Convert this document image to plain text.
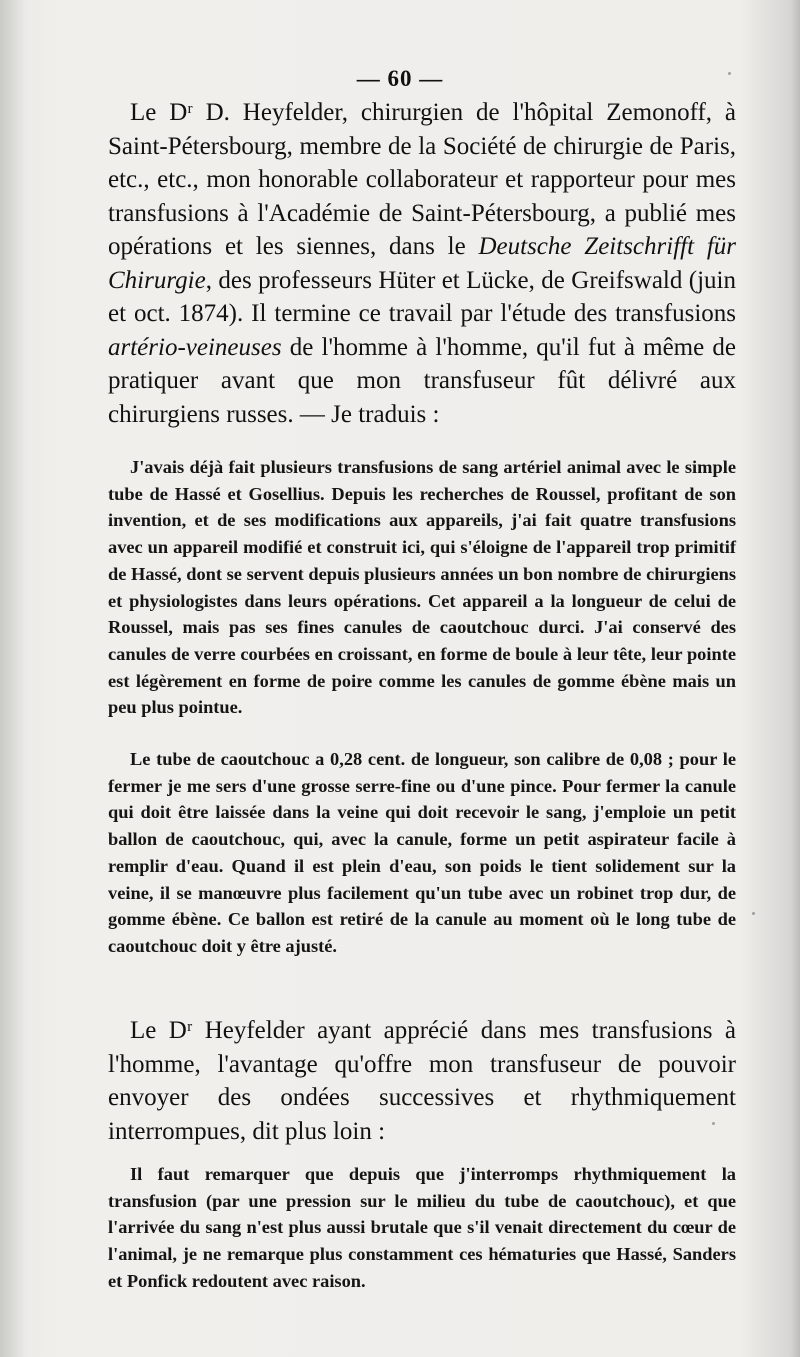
— 60 —

Le Dʳ D. Heyfelder, chirurgien de l'hôpital Zemonoff, à Saint-Pétersbourg, membre de la Société de chirurgie de Paris, etc., etc., mon honorable collaborateur et rapporteur pour mes transfusions à l'Académie de Saint-Pétersbourg, a publié mes opérations et les siennes, dans le Deutsche Zeitschrifft für Chirurgie, des professeurs Hüter et Lücke, de Greifswald (juin et oct. 1874). Il termine ce travail par l'étude des transfusions artério-veineuses de l'homme à l'homme, qu'il fut à même de pratiquer avant que mon transfuseur fût délivré aux chirurgiens russes. — Je traduis :

J'avais déjà fait plusieurs transfusions de sang artériel animal avec le simple tube de Hassé et Gosellius. Depuis les recherches de Roussel, profitant de son invention, et de ses modifications aux appareils, j'ai fait quatre transfusions avec un appareil modifié et construit ici, qui s'éloigne de l'appareil trop primitif de Hassé, dont se servent depuis plusieurs années un bon nombre de chirurgiens et physiologistes dans leurs opérations. Cet appareil a la longueur de celui de Roussel, mais pas ses fines canules de caoutchouc durci. J'ai conservé des canules de verre courbées en croissant, en forme de boule à leur tête, leur pointe est légèrement en forme de poire comme les canules de gomme ébène mais un peu plus pointue.

Le tube de caoutchouc a 0,28 cent. de longueur, son calibre de 0,08 ; pour le fermer je me sers d'une grosse serre-fine ou d'une pince. Pour fermer la canule qui doit être laissée dans la veine qui doit recevoir le sang, j'emploie un petit ballon de caoutchouc, qui, avec la canule, forme un petit aspirateur facile à remplir d'eau. Quand il est plein d'eau, son poids le tient solidement sur la veine, il se manœuvre plus facilement qu'un tube avec un robinet trop dur, de gomme ébène. Ce ballon est retiré de la canule au moment où le long tube de caoutchouc doit y être ajusté.

Le Dʳ Heyfelder ayant apprécié dans mes transfusions à l'homme, l'avantage qu'offre mon transfuseur de pouvoir envoyer des ondées successives et rhythmiquement interrompues, dit plus loin :

Il faut remarquer que depuis que j'interromps rhythmiquement la transfusion (par une pression sur le milieu du tube de caoutchouc), et que l'arrivée du sang n'est plus aussi brutale que s'il venait directement du cœur de l'animal, je ne remarque plus constamment ces hématuries que Hassé, Sanders et Ponfick redoutent avec raison.
